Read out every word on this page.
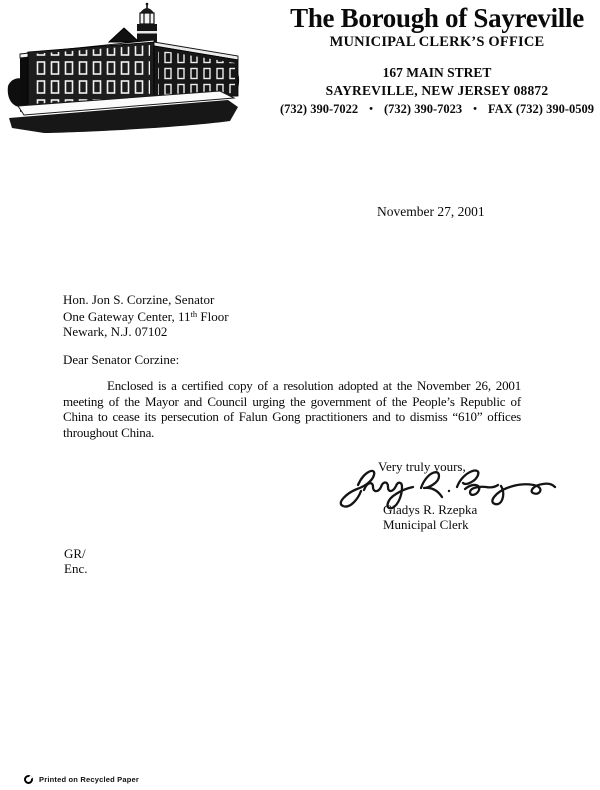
The Borough of Sayreville
MUNICIPAL CLERK’S OFFICE
167 MAIN STRET
SAYREVILLE, NEW JERSEY 08872
(732) 390-7022 • (732) 390-7023 • FAX (732) 390-0509
November 27, 2001
Hon. Jon S. Corzine, Senator
One Gateway Center, 11th Floor
Newark, N.J. 07102
Dear Senator Corzine:
Enclosed is a certified copy of a resolution adopted at the November 26, 2001 meeting of the Mayor and Council urging the government of the People’s Republic of China to cease its persecution of Falun Gong practitioners and to dismiss “610” offices throughout China.
Very truly yours,
Gladys R. Rzepka
Municipal Clerk
GR/
Enc.
Printed on Recycled Paper
